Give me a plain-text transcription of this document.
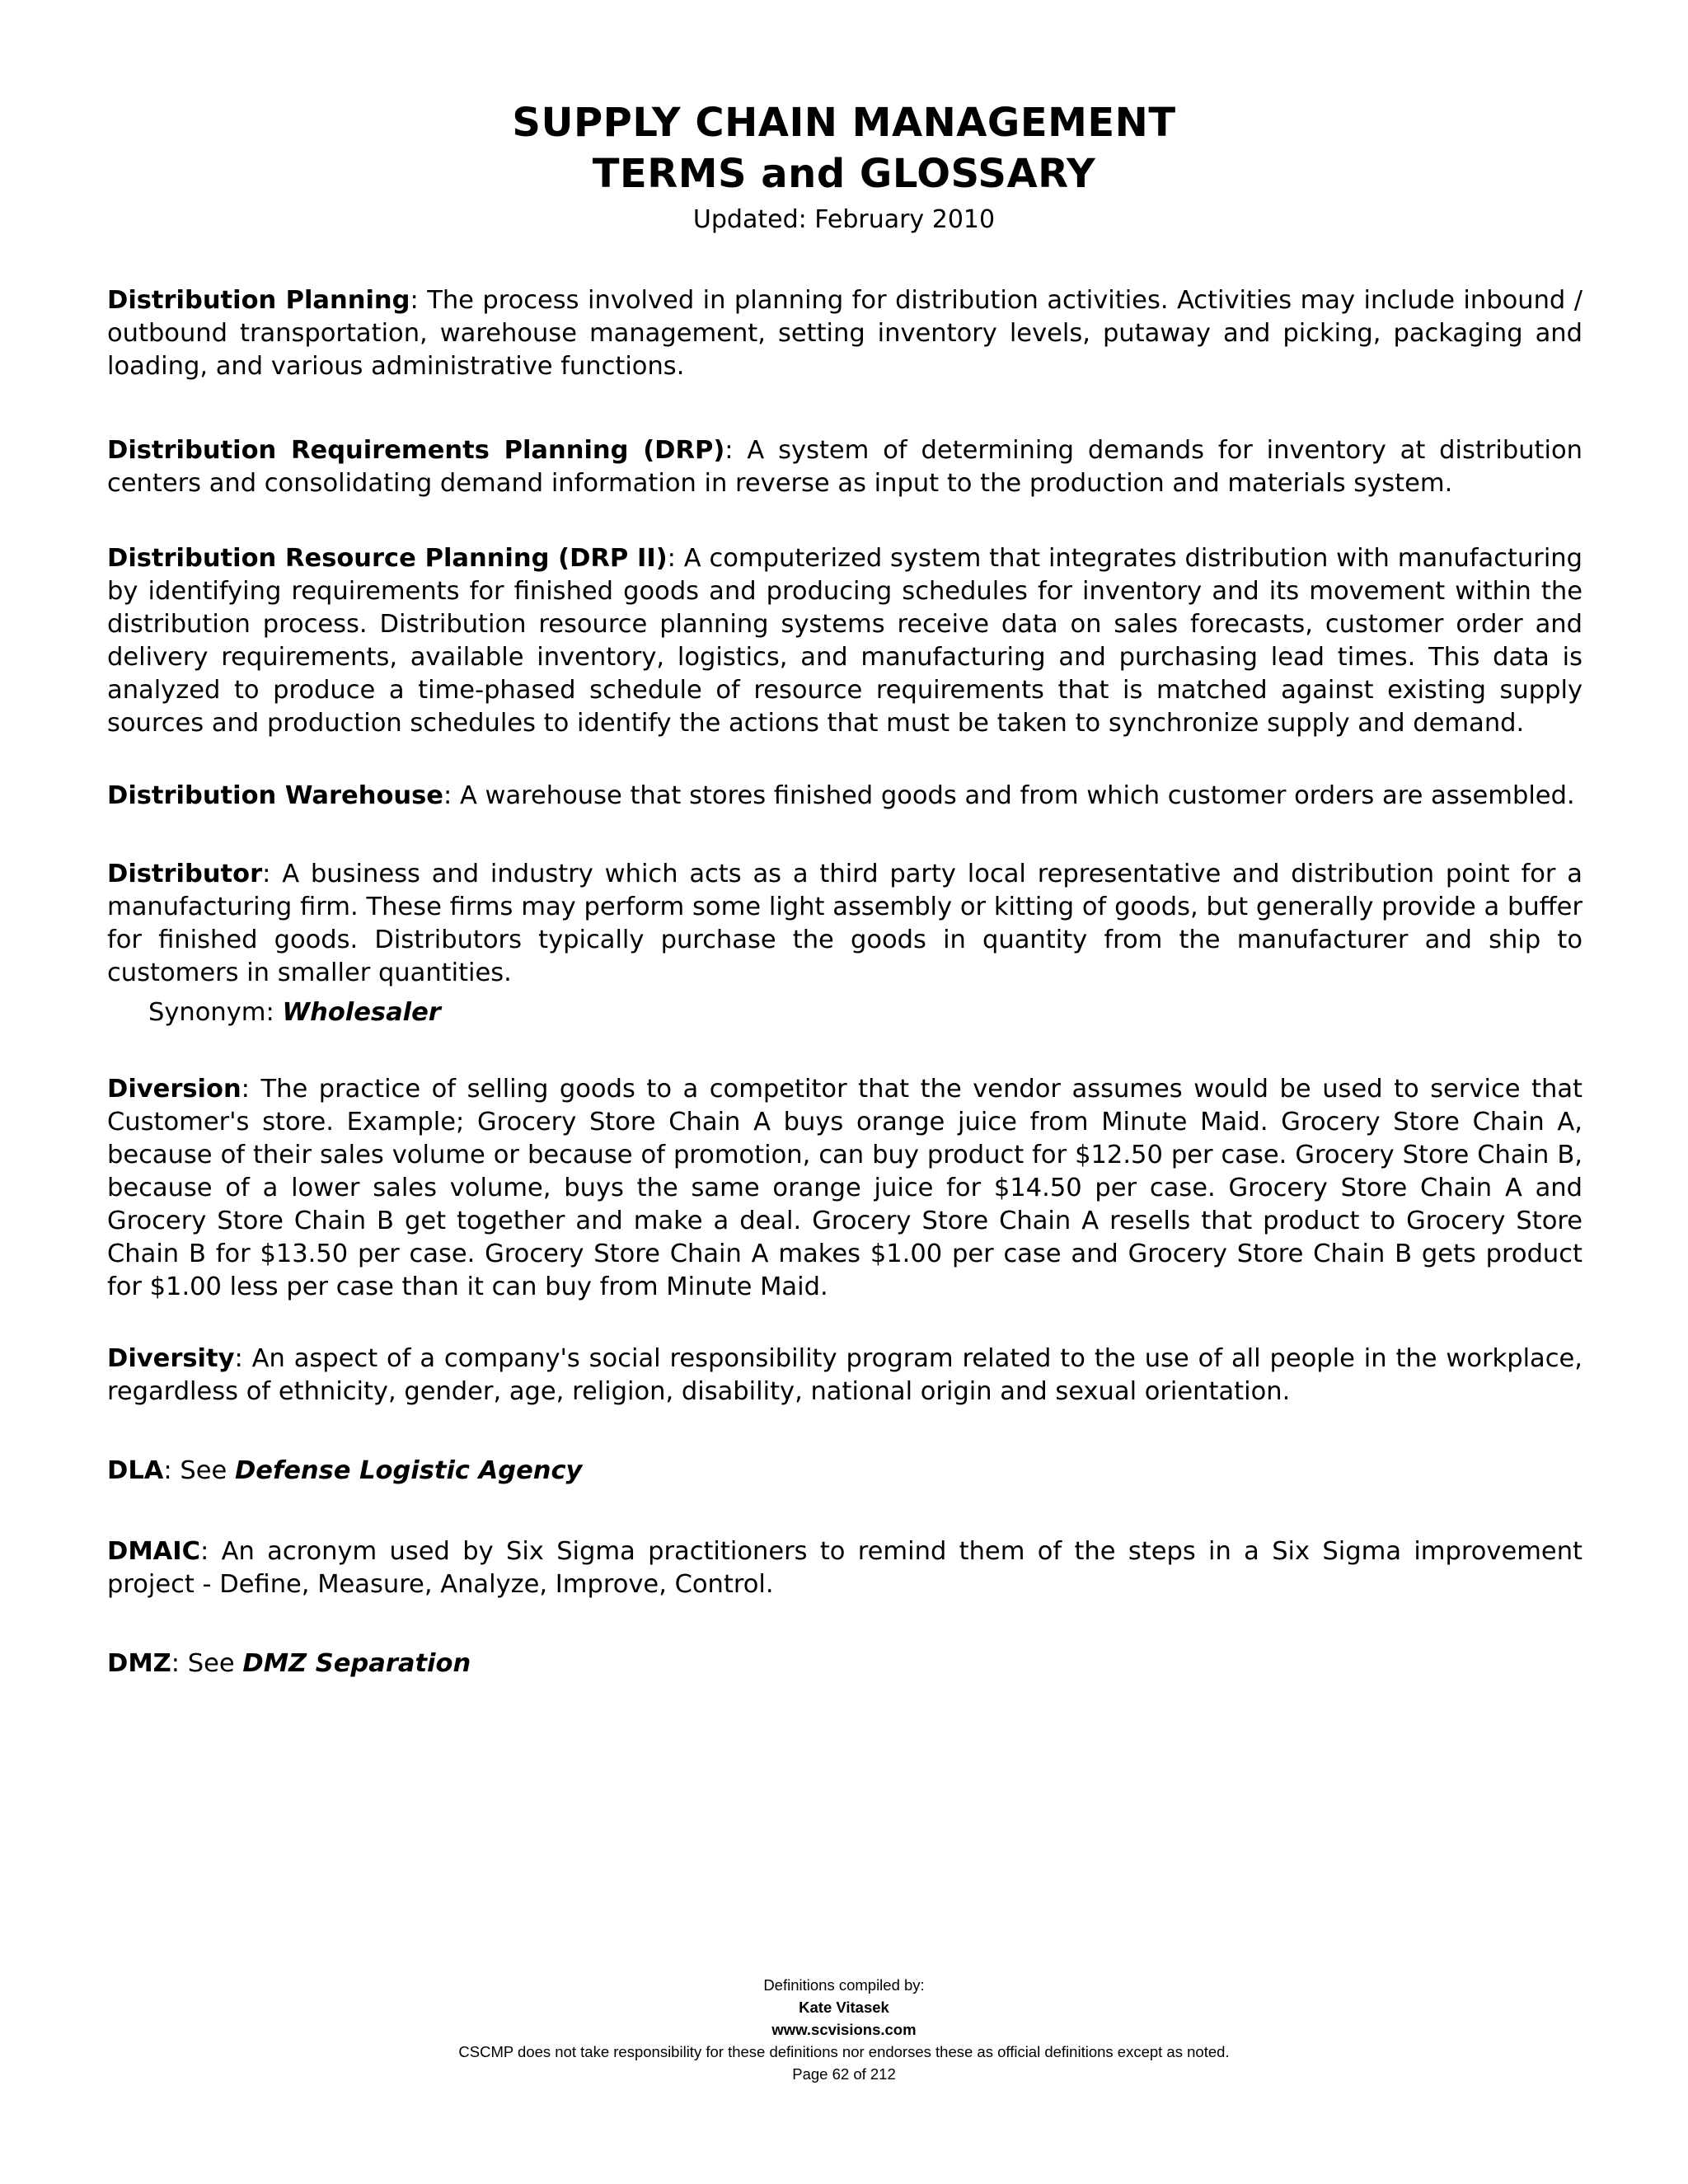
SUPPLY CHAIN MANAGEMENT
TERMS and GLOSSARY
Updated: February 2010

Distribution Planning: The process involved in planning for distribution activities. Activities may include inbound / outbound transportation, warehouse management, setting inventory levels, putaway and picking, packaging and loading, and various administrative functions.

Distribution Requirements Planning (DRP): A system of determining demands for inventory at distribution centers and consolidating demand information in reverse as input to the production and materials system.

Distribution Resource Planning (DRP II): A computerized system that integrates distribution with manufacturing by identifying requirements for finished goods and producing schedules for inventory and its movement within the distribution process. Distribution resource planning systems receive data on sales forecasts, customer order and delivery requirements, available inventory, logistics, and manufacturing and purchasing lead times. This data is analyzed to produce a time-phased schedule of resource requirements that is matched against existing supply sources and production schedules to identify the actions that must be taken to synchronize supply and demand.

Distribution Warehouse: A warehouse that stores finished goods and from which customer orders are assembled.

Distributor: A business and industry which acts as a third party local representative and distribution point for a manufacturing firm. These firms may perform some light assembly or kitting of goods, but generally provide a buffer for finished goods. Distributors typically purchase the goods in quantity from the manufacturer and ship to customers in smaller quantities.

Synonym: Wholesaler

Diversion: The practice of selling goods to a competitor that the vendor assumes would be used to service that Customer's store. Example; Grocery Store Chain A buys orange juice from Minute Maid. Grocery Store Chain A, because of their sales volume or because of promotion, can buy product for $12.50 per case. Grocery Store Chain B, because of a lower sales volume, buys the same orange juice for $14.50 per case. Grocery Store Chain A and Grocery Store Chain B get together and make a deal. Grocery Store Chain A resells that product to Grocery Store Chain B for $13.50 per case. Grocery Store Chain A makes $1.00 per case and Grocery Store Chain B gets product for $1.00 less per case than it can buy from Minute Maid.

Diversity: An aspect of a company's social responsibility program related to the use of all people in the workplace, regardless of ethnicity, gender, age, religion, disability, national origin and sexual orientation.

DLA: See Defense Logistic Agency

DMAIC: An acronym used by Six Sigma practitioners to remind them of the steps in a Six Sigma improvement project - Define, Measure, Analyze, Improve, Control.

DMZ: See DMZ Separation

Definitions compiled by:
Kate Vitasek
www.scvisions.com
CSCMP does not take responsibility for these definitions nor endorses these as official definitions except as noted.
Page 62 of 212
